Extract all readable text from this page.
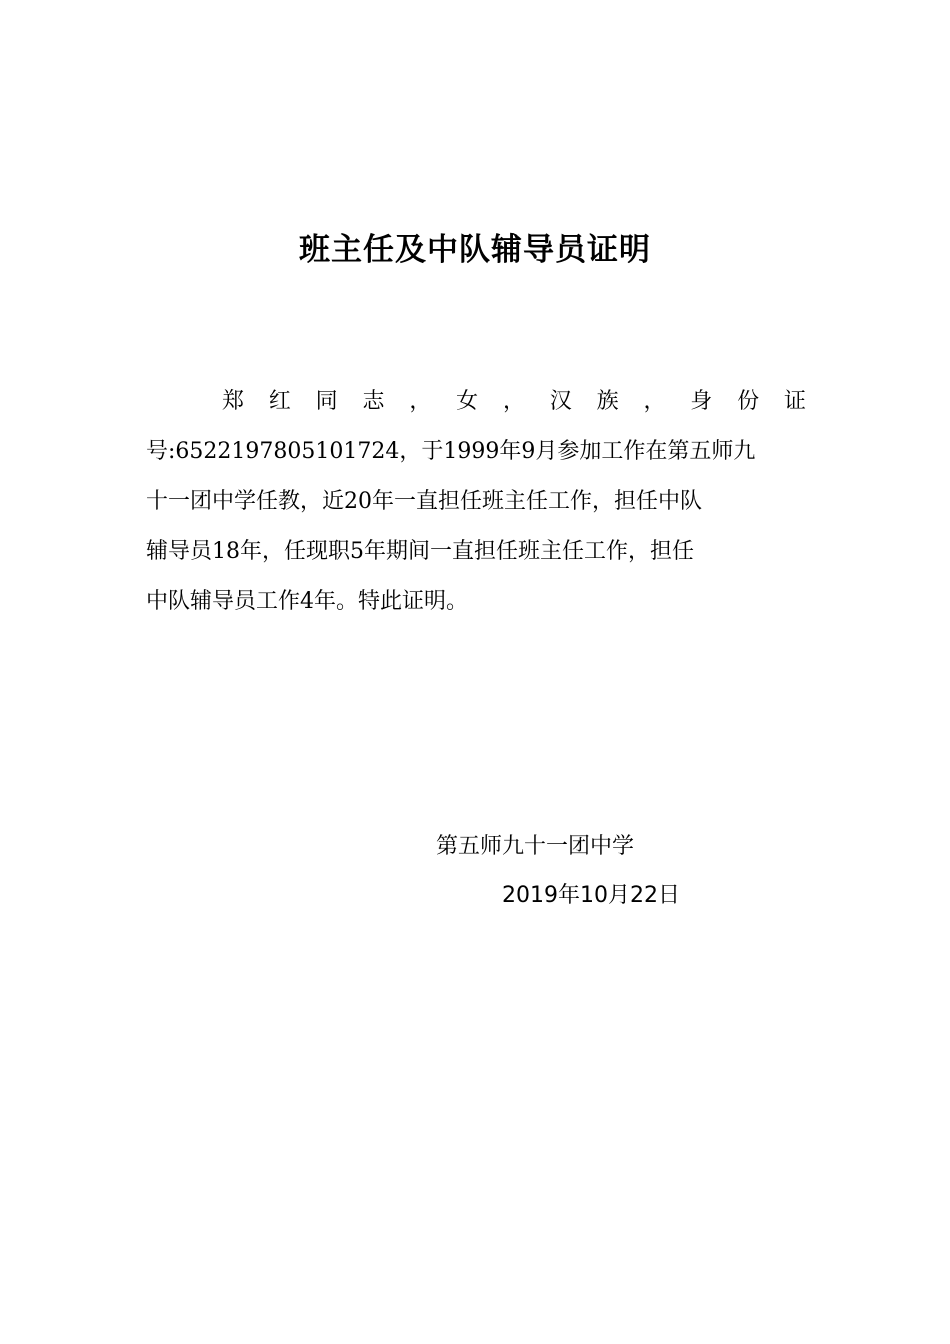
班主任及中队辅导员证明
郑 红 同 志 ， 女 ， 汉 族 ， 身 份 证
号:6522197805101724，于1999年9月参加工作在第五师九
十一团中学任教，近20年一直担任班主任工作，担任中队
辅导员18年，任现职5年期间一直担任班主任工作，担任
中队辅导员工作4年。特此证明。
第五师九十一团中学
2019年10月22日
